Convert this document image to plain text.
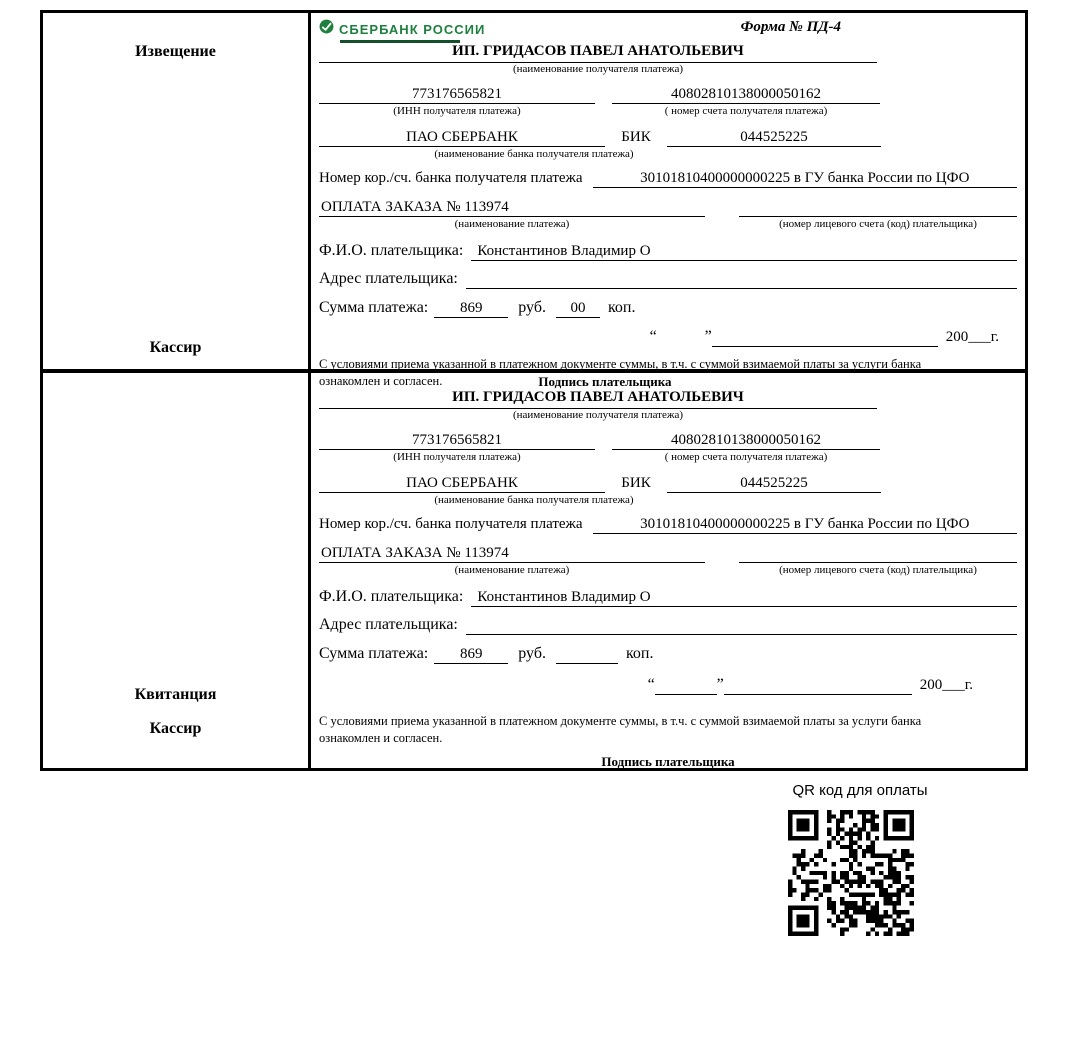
Извещение
Кассир
СБЕРБАНК РОССИИ	Форма № ПД-4
ИП. ГРИДАСОВ ПАВЕЛ АНАТОЛЬЕВИЧ
(наименование получателя платежа)
773176565821	40802810138000050162
(ИНН получателя платежа)	( номер счета получателя платежа)
ПАО СБЕРБАНК	БИК	044525225
(наименование банка получателя платежа)
Номер кор./сч. банка получателя платежа	30101810400000000225 в ГУ банка России по ЦФО
ОПЛАТА ЗАКАЗА № 113974
(наименование платежа)	(номер лицевого счета (код) плательщика)
Ф.И.О. плательщика: Константинов Владимир О
Адрес плательщика:
Сумма платежа:	869	руб.	00	коп.
“	”	200___г.
С условиями приема указанной в платежном документе суммы, в т.ч. с суммой взимаемой платы за услуги банка
ознакомлен и согласен.	Подпись плательщика
Квитанция
Кассир
ИП. ГРИДАСОВ ПАВЕЛ АНАТОЛЬЕВИЧ
(наименование получателя платежа)
773176565821	40802810138000050162
(ИНН получателя платежа)	( номер счета получателя платежа)
ПАО СБЕРБАНК	БИК	044525225
(наименование банка получателя платежа)
Номер кор./сч. банка получателя платежа	30101810400000000225 в ГУ банка России по ЦФО
ОПЛАТА ЗАКАЗА № 113974
(наименование платежа)	(номер лицевого счета (код) плательщика)
Ф.И.О. плательщика: Константинов Владимир О
Адрес плательщика:
Сумма платежа:	869	руб.	коп.
“	”	200___г.
С условиями приема указанной в платежном документе суммы, в т.ч. с суммой взимаемой платы за услуги банка
ознакомлен и согласен.
Подпись плательщика
QR код для оплаты
